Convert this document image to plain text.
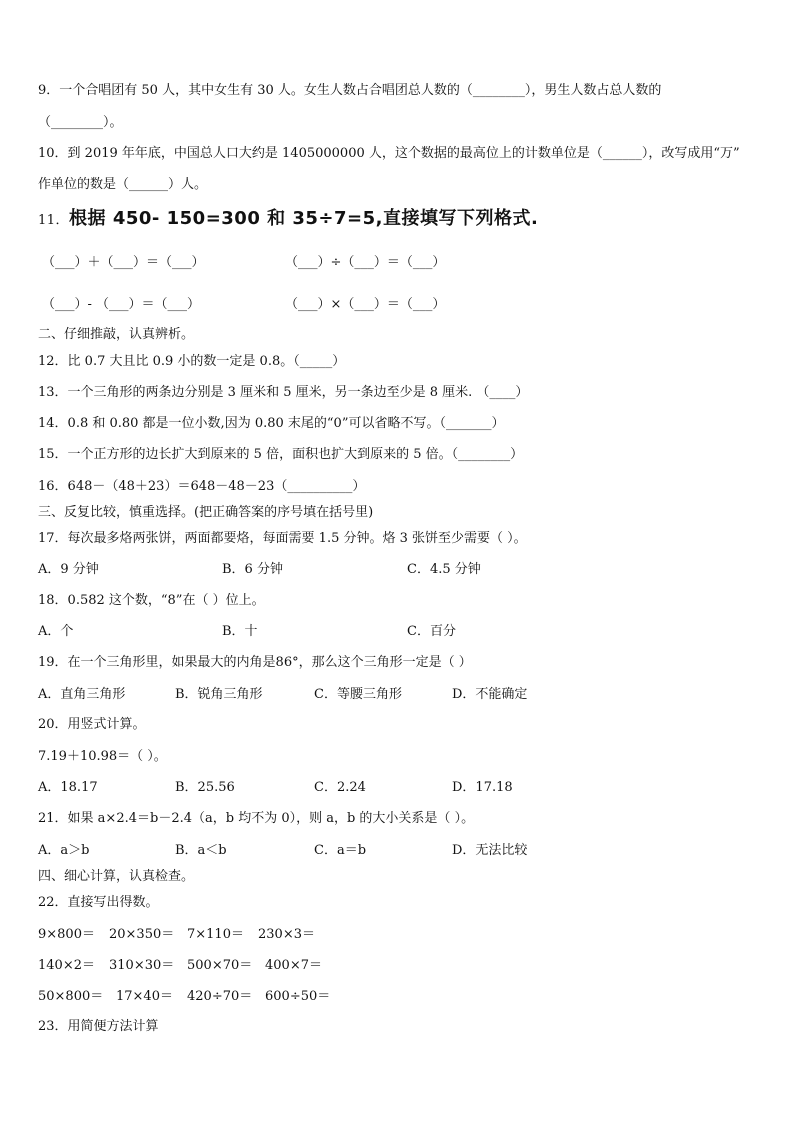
9．一个合唱团有 50 人，其中女生有 30 人。女生人数占合唱团总人数的（________），男生人数占总人数的
（________）。
10．到 2019 年年底，中国总人口大约是 1405000000 人，这个数据的最高位上的计数单位是（______），改写成用“万”
作单位的数是（______）人。
11．根据 450- 150=300 和 35÷7=5,直接填写下列格式.
（___）＋（___）＝（___）	（___）÷（___）＝（___）
（___）- （___）＝（___）	（___）×（___）＝（___）
二、仔细推敲，认真辨析。
12．比 0.7 大且比 0.9 小的数一定是 0.8。（_____）
13．一个三角形的两条边分别是 3 厘米和 5 厘米，另一条边至少是 8 厘米. （____）
14．0.8 和 0.80 都是一位小数,因为 0.80 末尾的“0”可以省略不写。（_______）
15．一个正方形的边长扩大到原来的 5 倍，面积也扩大到原来的 5 倍。（________）
16．648－（48＋23）＝648－48－23（__________）
三、反复比较，慎重选择。(把正确答案的序号填在括号里)
17．每次最多烙两张饼，两面都要烙，每面需要 1.5 分钟。烙 3 张饼至少需要（ ）。
A．9 分钟	B．6 分钟	C．4.5 分钟
18．0.582 这个数，“8”在（ ）位上。
A．个	B．十	C．百分
19．在一个三角形里，如果最大的内角是86°，那么这个三角形一定是（ ）
A．直角三角形	B．锐角三角形	C．等腰三角形	D．不能确定
20．用竖式计算。
7.19＋10.98＝（ ）。
A．18.17	B．25.56	C．2.24	D．17.18
21．如果 a×2.4＝b－2.4（a，b 均不为 0），则 a，b 的大小关系是（ ）。
A．a＞b	B．a＜b	C．a＝b	D．无法比较
四、细心计算，认真检查。
22．直接写出得数。
9×800＝ 20×350＝ 7×110＝ 230×3＝
140×2＝ 310×30＝ 500×70＝ 400×7＝
50×800＝ 17×40＝ 420÷70＝ 600÷50＝
23．用简便方法计算
